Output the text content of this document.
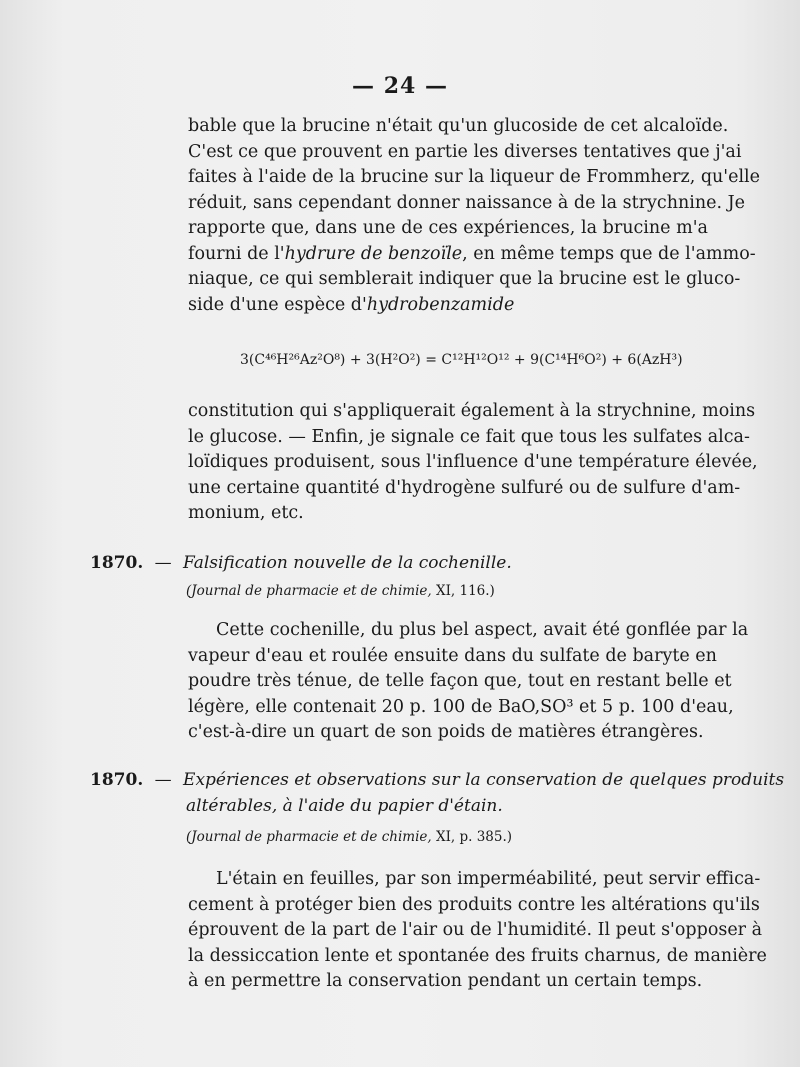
— 24 —
bable que la brucine n'était qu'un glucoside de cet alcaloïde.
C'est ce que prouvent en partie les diverses tentatives que j'ai
faites à l'aide de la brucine sur la liqueur de Frommherz, qu'elle
réduit, sans cependant donner naissance à de la strychnine. Je
rapporte que, dans une de ces expériences, la brucine m'a
fourni de l'hydrure de benzoïle, en même temps que de l'ammo-
niaque, ce qui semblerait indiquer que la brucine est le gluco-
side d'une espèce d'hydrobenzamide
3(C⁴⁶H²⁶Az²O⁸) + 3(H²O²) = C¹²H¹²O¹² + 9(C¹⁴H⁶O²) + 6(AzH³)
constitution qui s'appliquerait également à la strychnine, moins
le glucose. — Enfin, je signale ce fait que tous les sulfates alca-
loïdiques produisent, sous l'influence d'une température élevée,
une certaine quantité d'hydrogène sulfuré ou de sulfure d'am-
monium, etc.
1870. — Falsification nouvelle de la cochenille.
(Journal de pharmacie et de chimie, XI, 116.)
Cette cochenille, du plus bel aspect, avait été gonflée par la
vapeur d'eau et roulée ensuite dans du sulfate de baryte en
poudre très ténue, de telle façon que, tout en restant belle et
légère, elle contenait 20 p. 100 de BaO,SO³ et 5 p. 100 d'eau,
c'est-à-dire un quart de son poids de matières étrangères.
1870. — Expériences et observations sur la conservation de quelques produits
altérables, à l'aide du papier d'étain.
(Journal de pharmacie et de chimie, XI, p. 385.)
L'étain en feuilles, par son imperméabilité, peut servir effica-
cement à protéger bien des produits contre les altérations qu'ils
éprouvent de la part de l'air ou de l'humidité. Il peut s'opposer à
la dessiccation lente et spontanée des fruits charnus, de manière
à en permettre la conservation pendant un certain temps.
